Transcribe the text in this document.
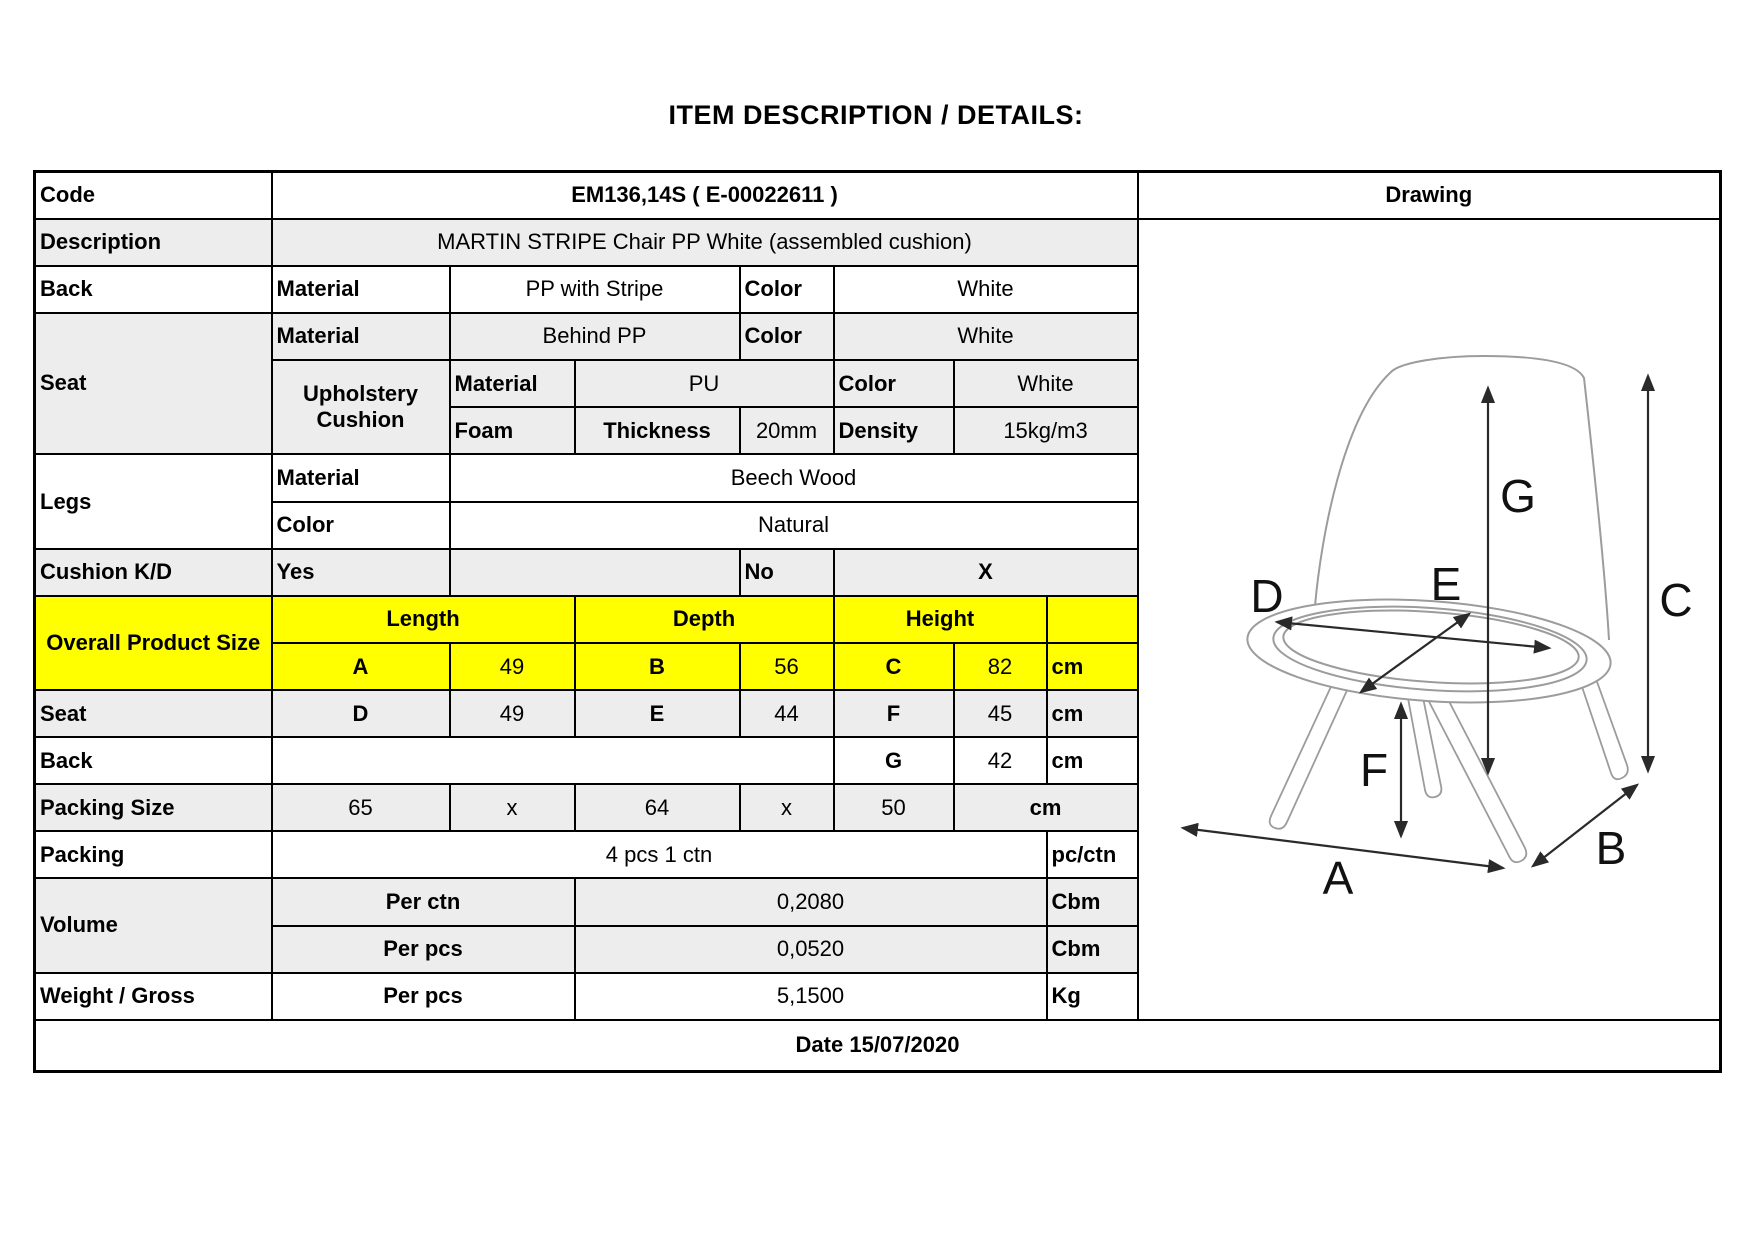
ITEM DESCRIPTION / DETAILS:
Code	EM136,14S ( E-00022611 )							Drawing
Description	MARTIN STRIPE Chair PP White (assembled cushion)	
D	E
G
C
F
A
B

Back	Material	PP with Stripe		Color	White			
Seat	Material	Behind PP		Color	White			
	Upholstery Cushion	Material	PU		Color	White		
		Foam	Thickness	20mm	Density	15kg/m3		
Legs	Material	Beech Wood						
	Color	Natural						
Cushion K/D	Yes			No	X			
Overall Product Size	Length		Depth		Height			
	A	49	B	56	C	82	cm	
Seat	D	49	E	44	F	45	cm	
Back					G	42	cm	
Packing Size	65	x	64	x	50	cm		
Packing	4 pcs 1 ctn						pc/ctn	
Volume	Per ctn		0,2080				Cbm	
	Per pcs		0,0520				Cbm	
Weight / Gross	Per pcs		5,1500				Kg	
Date 15/07/2020								
